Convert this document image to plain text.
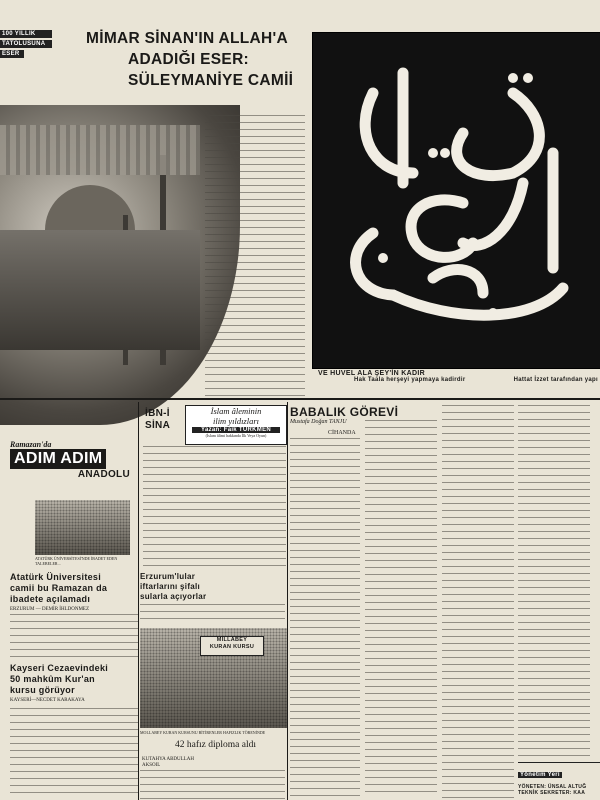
100 YILLIK
TATOLUSUNA
ESER
MİMAR SİNAN'IN ALLAH'A
ADADIĞI ESER:
SÜLEYMANİYE CAMİİ
VE HUVEL ALA ŞEY'İN KADIR
Hak Taala herşeyi yapmaya kadirdir	Hattat İzzet tarafından yapı
İslam âleminin
ilim yıldızları
Yazan: Faik TÜRKMEN
(İslam âlimi hakkında İlk Veya Oyun)
İBN-İ
SİNA
Ramazan'da
ADIM ADIM
ANADOLU
ATATÜRK ÜNİVERSİTESİ'NDE İBADET EDEN TALEBELER...
Atatürk Üniversitesi
camii bu Ramazan da
ibadete açılamadı
ERZURUM — DEMİR İHLDONMEZ
Kayseri Cezaevindeki
50 mahkûm Kur'an
kursu görüyor
KAYSERİ—NECDET KARAKAYA
Erzurum'lular
iftarlarını şifalı
sularla açıyorlar
MİLLABEY
KURAN KURSU
MOLLABEY KURAN KURSUNU BİTİRENLER HAFIZLIK TÖRENİNDE
42 hafız diploma aldı
KUTAHYA ABDULLAH AKSOIL
BABALIK GÖREVİ
Mustafa Doğan TANJU
CİHANDA
Yönetim Yeri
YÖNETEN: ÜNSAL ALTUĞ
TEKNİK SEKRETER: KAA
